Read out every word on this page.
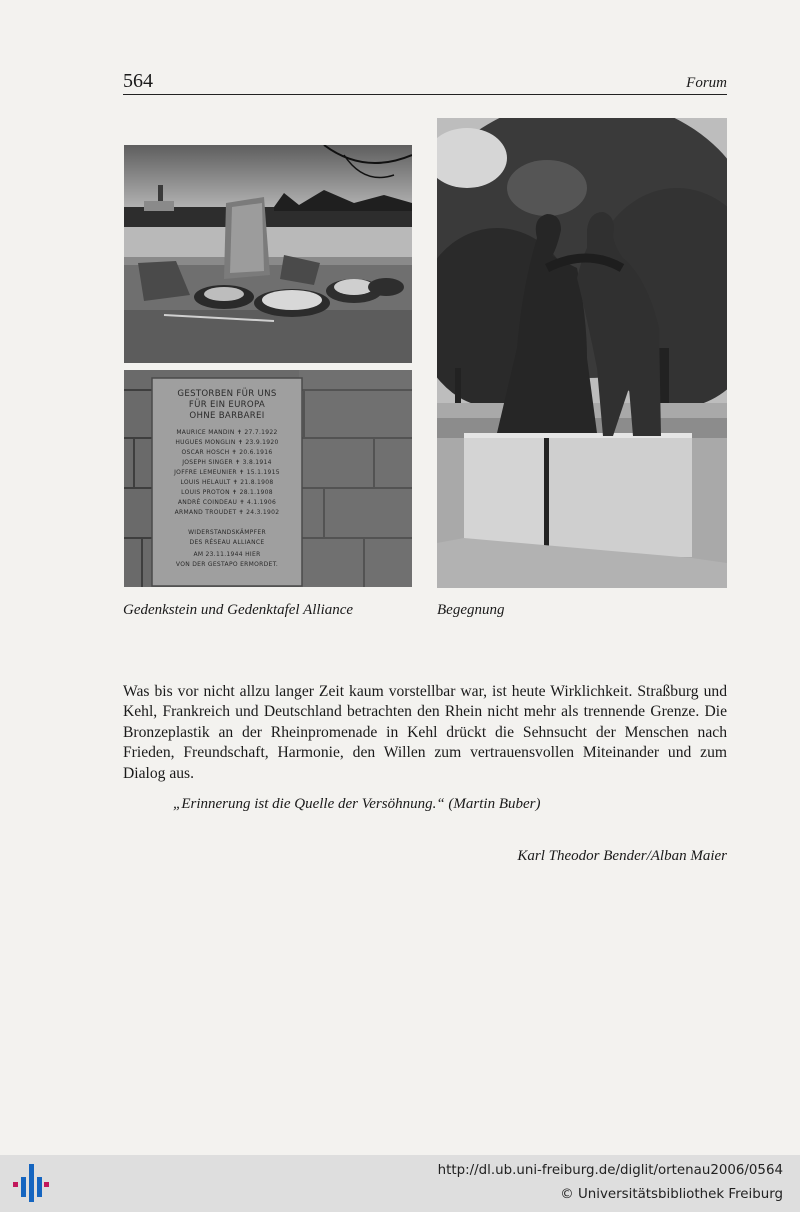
564	Forum
GESTORBEN FÜR UNS
FÜR EIN EUROPA
OHNE BARBAREI
MAURICE MANDIN ✝ 27.7.1922
HUGUES MONGLIN ✝ 23.9.1920
OSCAR HOSCH ✝ 20.6.1916
JOSEPH SINGER ✝ 3.8.1914
JOFFRE LEMEUNIER ✝ 15.1.1915
LOUIS HELAULT ✝ 21.8.1908
LOUIS PROTON ✝ 28.1.1908
ANDRÉ COINDEAU ✝ 4.1.1906
ARMAND TROUDET ✝ 24.3.1902
WIDERSTANDSKÄMPFER
DES RÉSEAU ALLIANCE
AM 23.11.1944 HIER
VON DER GESTAPO ERMORDET.
Gedenkstein und Gedenktafel Alliance	Begegnung

Was bis vor nicht allzu langer Zeit kaum vorstellbar war, ist heute Wirklichkeit. Straßburg und Kehl, Frankreich und Deutschland betrachten den Rhein nicht mehr als trennende Grenze. Die Bronzeplastik an der Rheinpromenade in Kehl drückt die Sehnsucht der Menschen nach Frieden, Freundschaft, Harmonie, den Willen zum vertrauensvollen Miteinander und zum Dialog aus.

„Erinnerung ist die Quelle der Versöhnung.“ (Martin Buber)
Karl Theodor Bender/Alban Maier
http://dl.ub.uni-freiburg.de/diglit/ortenau2006/0564
© Universitätsbibliothek Freiburg
